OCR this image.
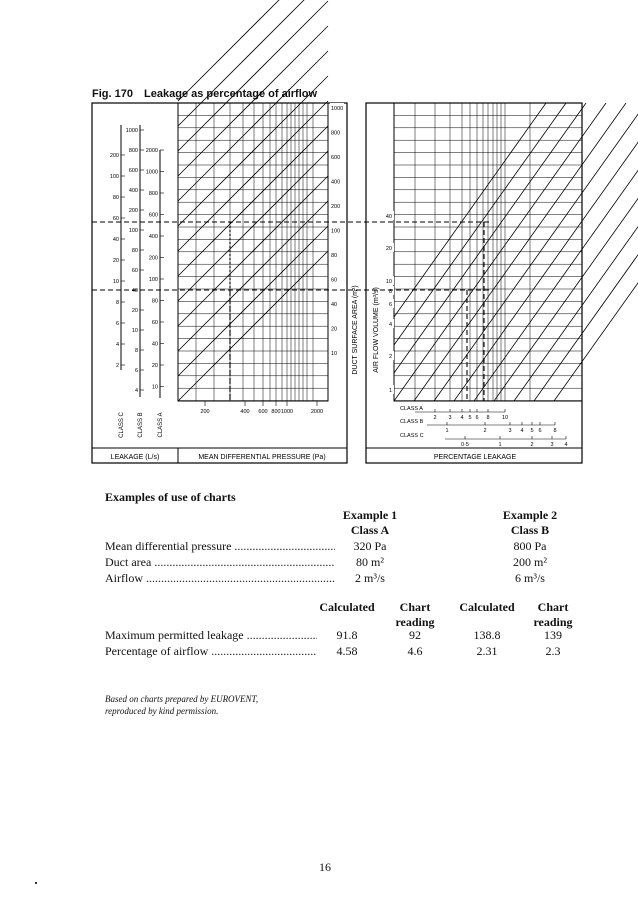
Fig. 170 Leakage as percentage of airflow
1000
800
600
400
200
100
80
60
40
20
10
200
100
80
60
40
20
10
8
6
4
2
1000
800
600
400
200
100
80
60
40
20
10
8
6
4
2000
1000
800
600
400
200
100
80
60
40
20
10
200	400 600 800 1000	2000
CLASS C CLASS B CLASS A
LEAKAGE (L/s)	MEAN DIFFERENTIAL PRESSURE (Pa)
DUCT SURFACE AREA (m²)
40
20
10
8
6
4
2
1
AIR FLOW VOLUME (m³/s)
CLASS A
2 3 4 5 6 8 10
CLASS B
1	2	3 4 5 6 8
CLASS C
0·5	1	2	3 4
PERCENTAGE LEAKAGE
Examples of use of charts
Example 1
Class A
Example 2
Class B
Mean differential pressure .....	320 Pa	800 Pa
Duct area .....	80 m²	200 m²
Airflow .....	2 m³/s	6 m³/s
Calculated	Chart
reading
Calculated	Chart
reading
Maximum permitted leakage .....	91.8	92	138.8	139
Percentage of airflow .....	4.58	4.6	2.31	2.3
Based on charts prepared by EUROVENT,
reproduced by kind permission.
16
